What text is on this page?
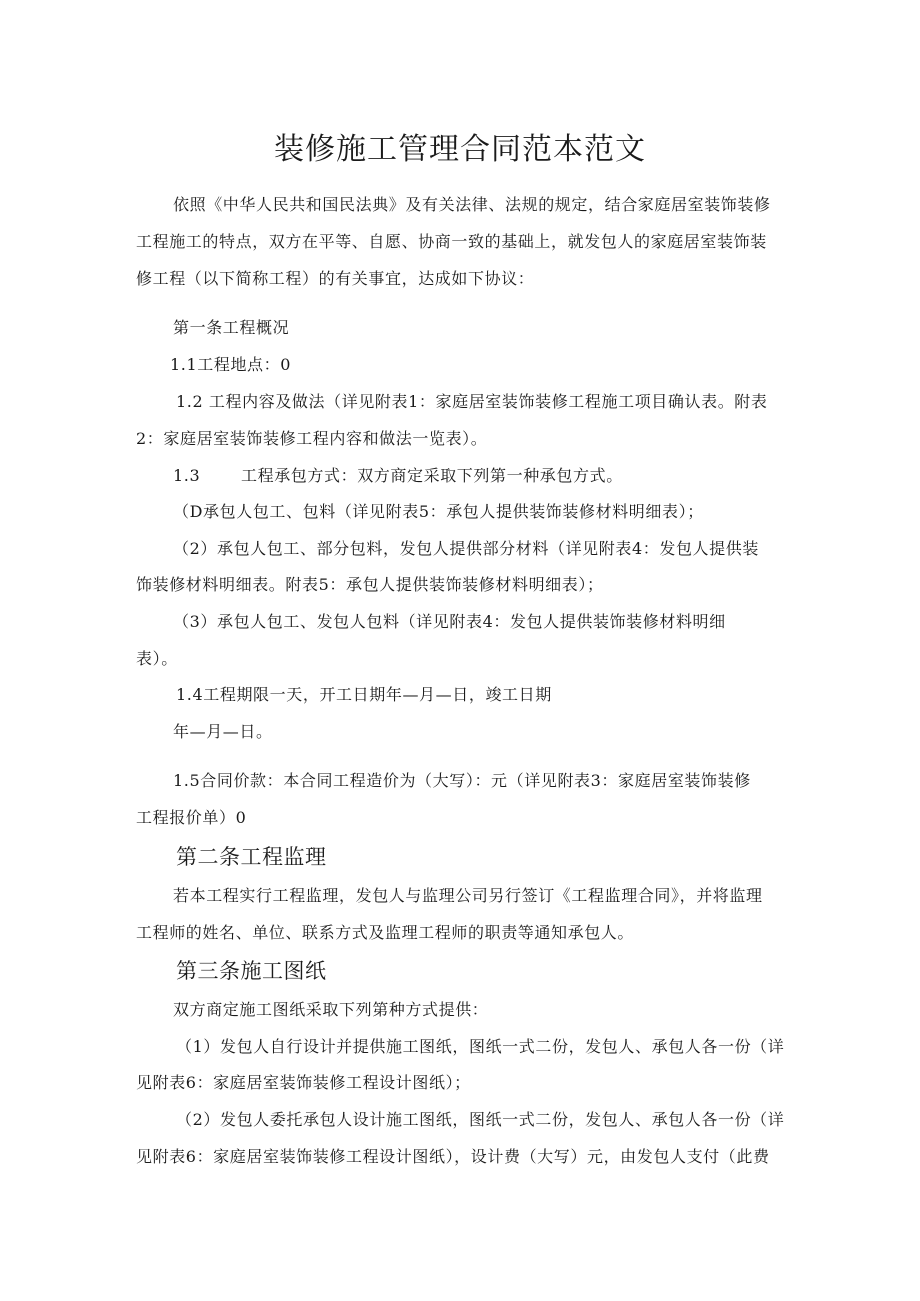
装修施工管理合同范本范文
依照《中华人民共和国民法典》及有关法律、法规的规定，结合家庭居室装饰装修
工程施工的特点，双方在平等、自愿、协商一致的基础上，就发包人的家庭居室装饰装
修工程（以下简称工程）的有关事宜，达成如下协议：
第一条工程概况
1.1工程地点：0
1.2 工程内容及做法（详见附表1：家庭居室装饰装修工程施工项目确认表。附表
2：家庭居室装饰装修工程内容和做法一览表）。
1.3	工程承包方式：双方商定采取下列第一种承包方式。
（D承包人包工、包料（详见附表5：承包人提供装饰装修材料明细表）；
（2）承包人包工、部分包料，发包人提供部分材料（详见附表4：发包人提供装
饰装修材料明细表。附表5：承包人提供装饰装修材料明细表）；
（3）承包人包工、发包人包料（详见附表4：发包人提供装饰装修材料明细
表）。
1.4工程期限一天，开工日期年—月—日，竣工日期
年—月—日。
1.5合同价款：本合同工程造价为（大写）：元（详见附表3：家庭居室装饰装修
工程报价单）0
第二条工程监理
若本工程实行工程监理，发包人与监理公司另行签订《工程监理合同》，并将监理
工程师的姓名、单位、联系方式及监理工程师的职责等通知承包人。
第三条施工图纸
双方商定施工图纸采取下列第种方式提供：
（1）发包人自行设计并提供施工图纸，图纸一式二份，发包人、承包人各一份（详
见附表6：家庭居室装饰装修工程设计图纸）；
（2）发包人委托承包人设计施工图纸，图纸一式二份，发包人、承包人各一份（详
见附表6：家庭居室装饰装修工程设计图纸），设计费（大写）元，由发包人支付（此费
